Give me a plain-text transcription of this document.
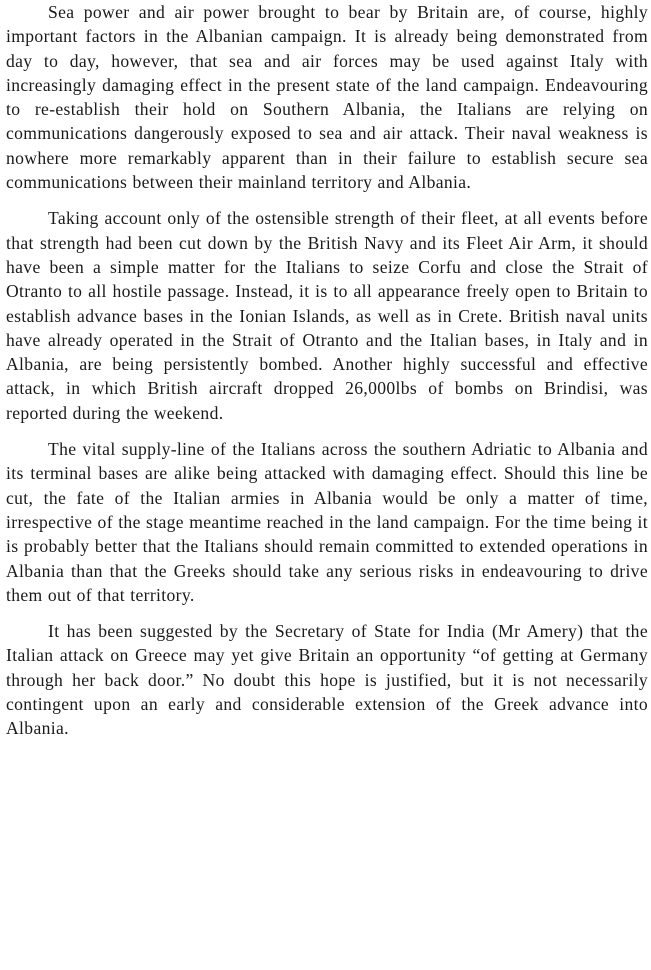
Sea power and air power brought to bear by Britain are, of course, highly important factors in the Albanian campaign. It is already being demonstrated from day to day, however, that sea and air forces may be used against Italy with increasingly damaging effect in the present state of the land campaign. Endeavouring to re-establish their hold on Southern Albania, the Italians are relying on communications dangerously exposed to sea and air attack. Their naval weakness is nowhere more remarkably apparent than in their failure to establish secure sea communications between their mainland territory and Albania.

Taking account only of the ostensible strength of their fleet, at all events before that strength had been cut down by the British Navy and its Fleet Air Arm, it should have been a simple matter for the Italians to seize Corfu and close the Strait of Otranto to all hostile passage. Instead, it is to all appearance freely open to Britain to establish advance bases in the Ionian Islands, as well as in Crete. British naval units have already operated in the Strait of Otranto and the Italian bases, in Italy and in Albania, are being persistently bombed. Another highly successful and effective attack, in which British aircraft dropped 26,000lbs of bombs on Brindisi, was reported during the weekend.

The vital supply-line of the Italians across the southern Adriatic to Albania and its terminal bases are alike being attacked with damaging effect. Should this line be cut, the fate of the Italian armies in Albania would be only a matter of time, irrespective of the stage meantime reached in the land campaign. For the time being it is probably better that the Italians should remain committed to extended operations in Albania than that the Greeks should take any serious risks in endeavouring to drive them out of that territory.

It has been suggested by the Secretary of State for India (Mr Amery) that the Italian attack on Greece may yet give Britain an opportunity “of getting at Germany through her back door.” No doubt this hope is justified, but it is not necessarily contingent upon an early and considerable extension of the Greek advance into Albania.
